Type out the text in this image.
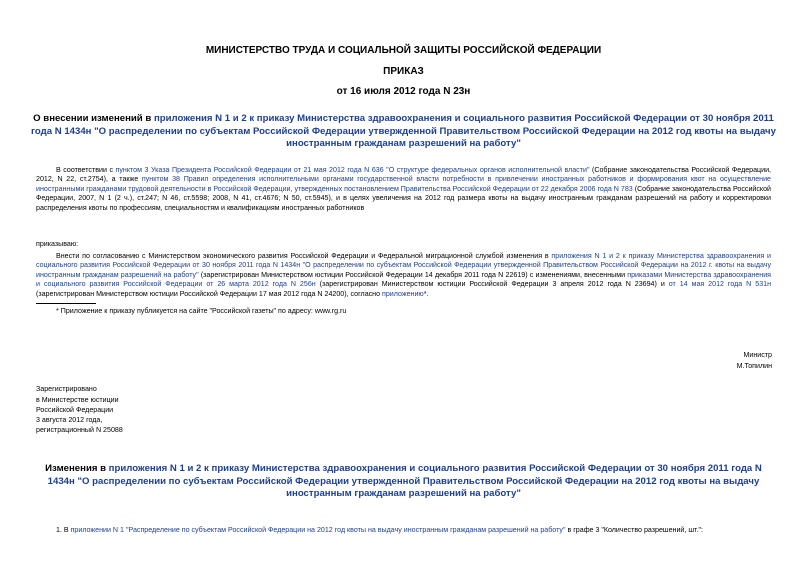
МИНИСТЕРСТВО ТРУДА И СОЦИАЛЬНОЙ ЗАЩИТЫ РОССИЙСКОЙ ФЕДЕРАЦИИ
ПРИКАЗ
от 16 июля 2012 года N 23н
О внесении изменений в приложения N 1 и 2 к приказу Министерства здравоохранения и социального развития Российской Федерации от 30 ноября 2011 года N 1434н "О распределении по субъектам Российской Федерации утвержденной Правительством Российской Федерации на 2012 год квоты на выдачу иностранным гражданам разрешений на работу"
В соответствии с пунктом 3 Указа Президента Российской Федерации от 21 мая 2012 года N 636 "О структуре федеральных органов исполнительной власти" (Собрание законодательства Российской Федерации, 2012, N 22, ст.2754), а также пунктом 38 Правил определения исполнительными органами государственной власти потребности в привлечении иностранных работников и формирования квот на осуществление иностранными гражданами трудовой деятельности в Российской Федерации, утвержденных постановлением Правительства Российской Федерации от 22 декабря 2006 года N 783 (Собрание законодательства Российской Федерации, 2007, N 1 (2 ч.), ст.247; N 46, ст.5598; 2008, N 41, ст.4676; N 50, ст.5945), и в целях увеличения на 2012 год размера квоты на выдачу иностранным гражданам разрешений на работу и корректировки распределения квоты по профессиям, специальностям и квалификациям иностранных работников
приказываю:
Внести по согласованию с Министерством экономического развития Российской Федерации и Федеральной миграционной службой изменения в приложения N 1 и 2 к приказу Министерства здравоохранения и социального развития Российской Федерации от 30 ноября 2011 года N 1434н "О распределении по субъектам Российской Федерации утвержденной Правительством Российской Федерации на 2012 г. квоты на выдачу иностранным гражданам разрешений на работу" (зарегистрирован Министерством юстиции Российской Федерации 14 декабря 2011 года N 22619) с изменениями, внесенными приказами Министерства здравоохранения и социального развития Российской Федерации от 26 марта 2012 года N 256н (зарегистрирован Министерством юстиции Российской Федерации 3 апреля 2012 года N 23694) и от 14 мая 2012 года N 531н (зарегистрирован Министерством юстиции Российской Федерации 17 мая 2012 года N 24200), согласно приложению*.
* Приложение к приказу публикуется на сайте "Российской газеты" по адресу: www.rg.ru
Министр
М.Топилин
Зарегистрировано
в Министерстве юстиции
Российской Федерации
3 августа 2012 года,
регистрационный N 25088
Изменения в приложения N 1 и 2 к приказу Министерства здравоохранения и социального развития Российской Федерации от 30 ноября 2011 года N 1434н "О распределении по субъектам Российской Федерации утвержденной Правительством Российской Федерации на 2012 год квоты на выдачу иностранным гражданам разрешений на работу"
1. В приложении N 1 "Распределение по субъектам Российской Федерации на 2012 год квоты на выдачу иностранным гражданам разрешений на работу" в графе 3 "Количество разрешений, шт.":
